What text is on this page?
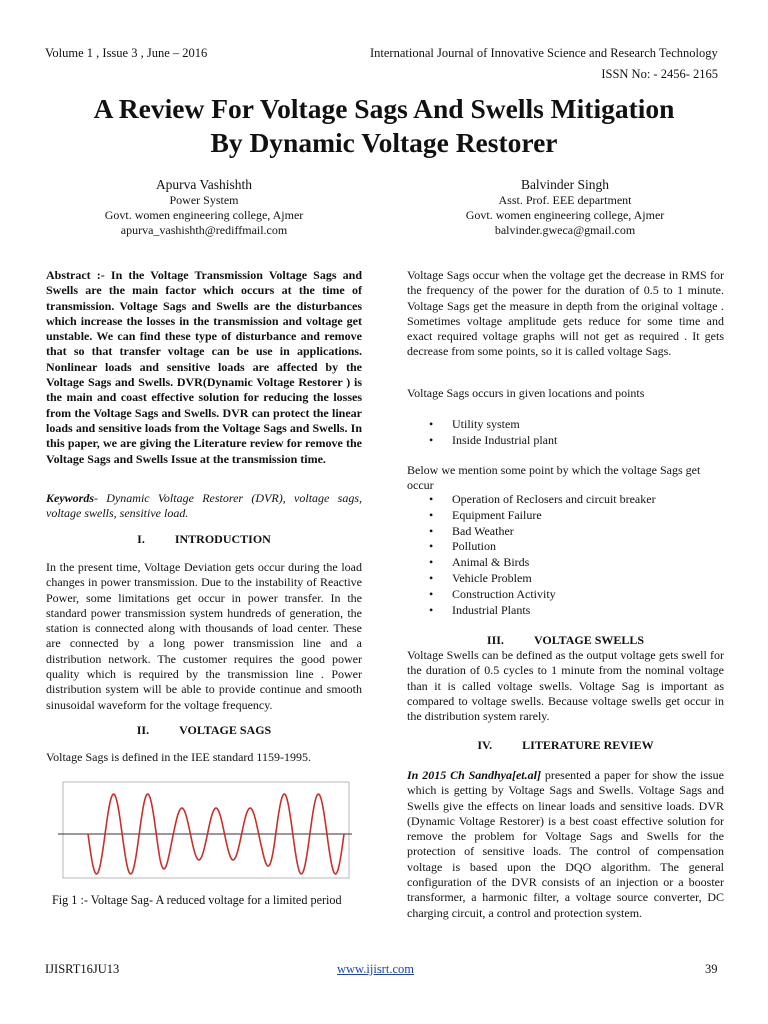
Volume 1 , Issue 3 , June – 2016	International Journal of Innovative Science and Research Technology
ISSN No: - 2456- 2165
A Review For Voltage Sags And Swells Mitigation
By Dynamic Voltage Restorer
Apurva Vashishth
Power System
Govt. women engineering college, Ajmer
apurva_vashishth@rediffmail.com
Balvinder Singh
Asst. Prof. EEE department
Govt. women engineering college, Ajmer
balvinder.gweca@gmail.com
Abstract :- In the Voltage Transmission Voltage Sags and Swells are the main factor which occurs at the time of transmission. Voltage Sags and Swells are the disturbances which increase the losses in the transmission and voltage get unstable. We can find these type of disturbance and remove that so that transfer voltage can be use in applications. Nonlinear loads and sensitive loads are affected by the Voltage Sags and Swells. DVR(Dynamic Voltage Restorer ) is the main and coast effective solution for reducing the losses from the Voltage Sags and Swells. DVR can protect the linear loads and sensitive loads from the Voltage Sags and Swells. In this paper, we are giving the Literature review for remove the Voltage Sags and Swells Issue at the transmission time.
Keywords- Dynamic Voltage Restorer (DVR), voltage sags, voltage swells, sensitive load.
I.	INTRODUCTION
In the present time, Voltage Deviation gets occur during the load changes in power transmission. Due to the instability of Reactive Power, some limitations get occur in power transfer. In the standard power transmission system hundreds of generation, the station is connected along with thousands of load center. These are connected by a long power transmission line and a distribution network. The customer requires the good power quality which is required by the transmission line . Power distribution system will be able to provide continue and smooth sinusoidal waveform for the voltage frequency.
II.	VOLTAGE SAGS
Voltage Sags is defined in the IEE standard 1159-1995.
Fig 1 :- Voltage Sag- A reduced voltage for a limited period
Voltage Sags occur when the voltage get the decrease in RMS for the frequency of the power for the duration of 0.5 to 1 minute. Voltage Sags get the measure in depth from the original voltage . Sometimes voltage amplitude gets reduce for some time and exact required voltage graphs will not get as required . It gets decrease from some points, so it is called voltage Sags.
Voltage Sags occurs in given locations and points
• Utility system
• Inside Industrial plant
Below we mention some point by which the voltage Sags get occur
• Operation of Reclosers and circuit breaker
• Equipment Failure
• Bad Weather
• Pollution
• Animal & Birds
• Vehicle Problem
• Construction Activity
• Industrial Plants
III.	VOLTAGE SWELLS
Voltage Swells can be defined as the output voltage gets swell for the duration of 0.5 cycles to 1 minute from the nominal voltage than it is called voltage swells. Voltage Sag is important as compared to voltage swells. Because voltage swells get occur in the distribution system rarely.
IV.	LITERATURE REVIEW
In 2015 Ch Sandhya[et.al] presented a paper for show the issue which is getting by Voltage Sags and Swells. Voltage Sags and Swells give the effects on linear loads and sensitive loads. DVR (Dynamic Voltage Restorer) is a best coast effective solution for remove the problem for Voltage Sags and Swells for the protection of sensitive loads. The control of compensation voltage is based upon the DQO algorithm. The general configuration of the DVR consists of an injection or a booster transformer, a harmonic filter, a voltage source converter, DC charging circuit, a control and protection system.
IJISRT16JU13	www.ijisrt.com	39
